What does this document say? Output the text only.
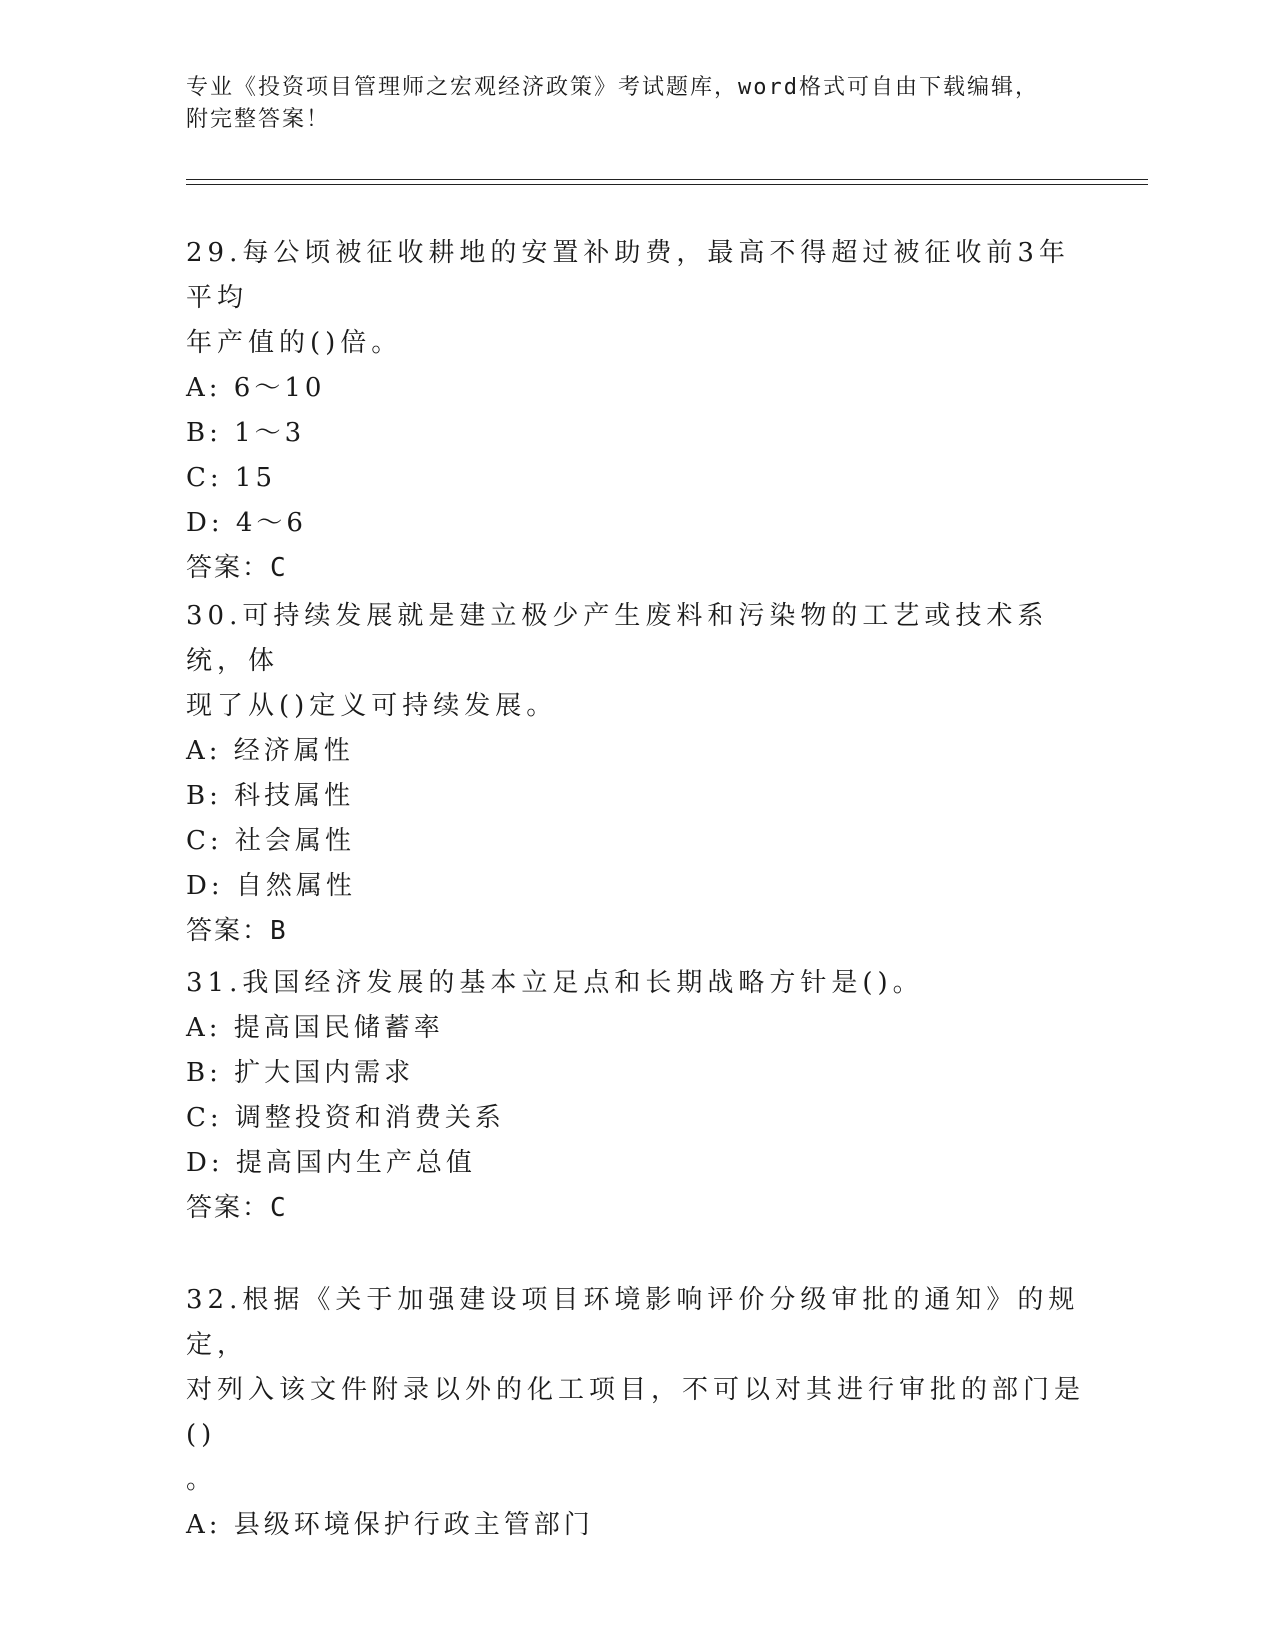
专业《投资项目管理师之宏观经济政策》考试题库，word格式可自由下载编辑，
附完整答案！

29.每公顷被征收耕地的安置补助费，最高不得超过被征收前3年平均

年产值的()倍。

A: 6～10

B: 1～3

C: 15

D: 4～6

答案：C

30.可持续发展就是建立极少产生废料和污染物的工艺或技术系统，体

现了从()定义可持续发展。

A: 经济属性

B: 科技属性

C: 社会属性

D: 自然属性

答案：B

31.我国经济发展的基本立足点和长期战略方针是()。

A: 提高国民储蓄率

B: 扩大国内需求

C: 调整投资和消费关系

D: 提高国内生产总值

答案：C

32.根据《关于加强建设项目环境影响评价分级审批的通知》的规定，

对列入该文件附录以外的化工项目，不可以对其进行审批的部门是()

。

A: 县级环境保护行政主管部门
